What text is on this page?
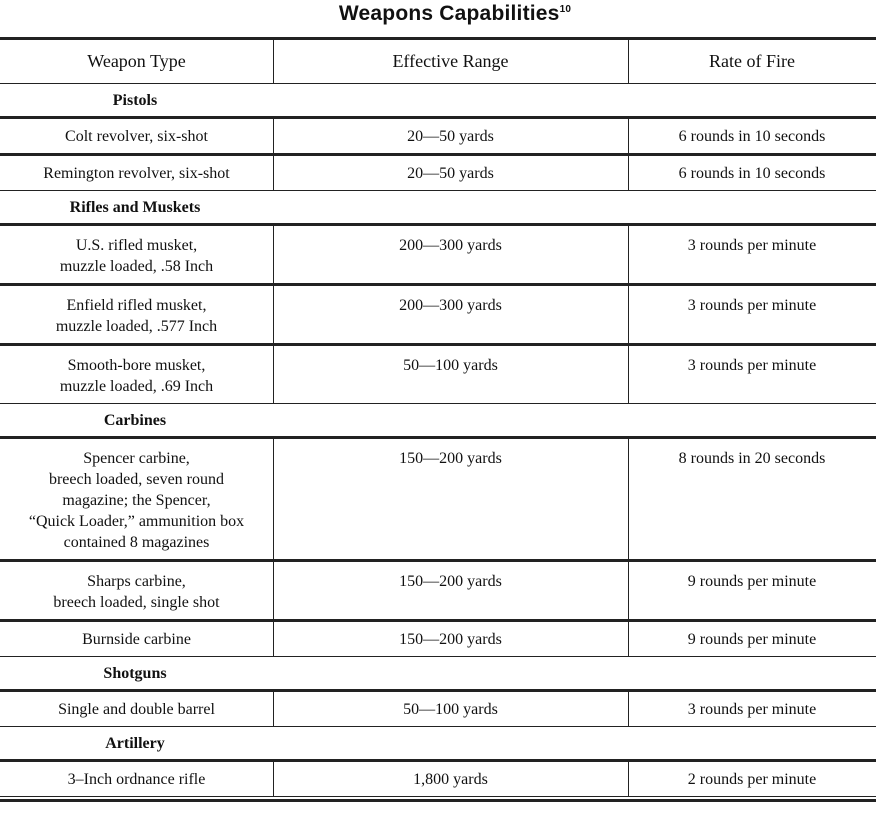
Weapons Capabilities$^{10}$
Weapon Type	Effective Range	Rate of Fire
Pistols
Colt revolver, six-shot	20—50 yards	6 rounds in 10 seconds
Remington revolver, six-shot	20—50 yards	6 rounds in 10 seconds
Rifles and Muskets
U.S. rifled musket,
muzzle loaded, .58 Inch
200—300 yards	3 rounds per minute
Enfield rifled musket,
muzzle loaded, .577 Inch
200—300 yards	3 rounds per minute
Smooth-bore musket,
muzzle loaded, .69 Inch
50—100 yards	3 rounds per minute
Carbines
Spencer carbine,
breech loaded, seven round
magazine; the Spencer,
“Quick Loader,” ammunition box
contained 8 magazines
150—200 yards	8 rounds in 20 seconds
Sharps carbine,
breech loaded, single shot
150—200 yards	9 rounds per minute
Burnside carbine	150—200 yards	9 rounds per minute
Shotguns
Single and double barrel	50—100 yards	3 rounds per minute
Artillery
3–Inch ordnance rifle	1,800 yards	2 rounds per minute
